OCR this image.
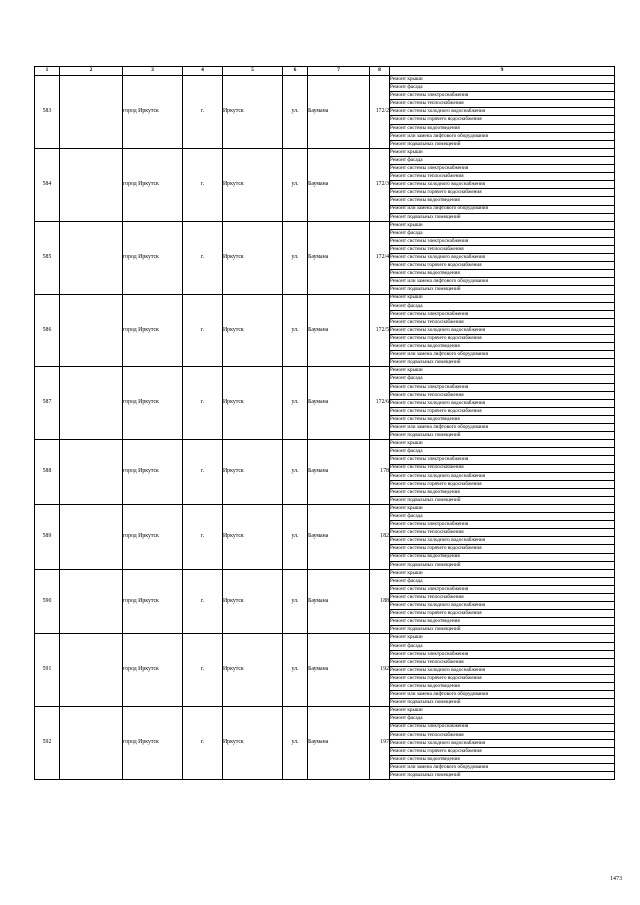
1	2	3	4	5	6	7	8	9
583		город Иркутск	г.	Иркутск	ул.	Баумана	172/2	Ремонт крыши
								Ремонт фасада
								Ремонт системы электроснабжения
								Ремонт системы теплоснабжения
								Ремонт системы холодного водоснабжения
								Ремонт системы горячего водоснабжения
								Ремонт системы водоотведения
								Ремонт или замена лифтового оборудования
								Ремонт подвальных помещений
584		город Иркутск	г.	Иркутск	ул.	Баумана	172/3	Ремонт крыши
								Ремонт фасада
								Ремонт системы электроснабжения
								Ремонт системы теплоснабжения
								Ремонт системы холодного водоснабжения
								Ремонт системы горячего водоснабжения
								Ремонт системы водоотведения
								Ремонт или замена лифтового оборудования
								Ремонт подвальных помещений
585		город Иркутск	г.	Иркутск	ул.	Баумана	172/4	Ремонт крыши
								Ремонт фасада
								Ремонт системы электроснабжения
								Ремонт системы теплоснабжения
								Ремонт системы холодного водоснабжения
								Ремонт системы горячего водоснабжения
								Ремонт системы водоотведения
								Ремонт или замена лифтового оборудования
								Ремонт подвальных помещений
586		город Иркутск	г.	Иркутск	ул.	Баумана	172/5	Ремонт крыши
								Ремонт фасада
								Ремонт системы электроснабжения
								Ремонт системы теплоснабжения
								Ремонт системы холодного водоснабжения
								Ремонт системы горячего водоснабжения
								Ремонт системы водоотведения
								Ремонт или замена лифтового оборудования
								Ремонт подвальных помещений
587		город Иркутск	г.	Иркутск	ул.	Баумана	172/6	Ремонт крыши
								Ремонт фасада
								Ремонт системы электроснабжения
								Ремонт системы теплоснабжения
								Ремонт системы холодного водоснабжения
								Ремонт системы горячего водоснабжения
								Ремонт системы водоотведения
								Ремонт или замена лифтового оборудования
								Ремонт подвальных помещений
588		город Иркутск	г.	Иркутск	ул.	Баумана	178	Ремонт крыши
								Ремонт фасада
								Ремонт системы электроснабжения
								Ремонт системы теплоснабжения
								Ремонт системы холодного водоснабжения
								Ремонт системы горячего водоснабжения
								Ремонт системы водоотведения
								Ремонт подвальных помещений
589		город Иркутск	г.	Иркутск	ул.	Баумана	182	Ремонт крыши
								Ремонт фасада
								Ремонт системы электроснабжения
								Ремонт системы теплоснабжения
								Ремонт системы холодного водоснабжения
								Ремонт системы горячего водоснабжения
								Ремонт системы водоотведения
								Ремонт подвальных помещений
590		город Иркутск	г.	Иркутск	ул.	Баумана	188	Ремонт крыши
								Ремонт фасада
								Ремонт системы электроснабжения
								Ремонт системы теплоснабжения
								Ремонт системы холодного водоснабжения
								Ремонт системы горячего водоснабжения
								Ремонт системы водоотведения
								Ремонт подвальных помещений
591		город Иркутск	г.	Иркутск	ул.	Баумана	192	Ремонт крыши
								Ремонт фасада
								Ремонт системы электроснабжения
								Ремонт системы теплоснабжения
								Ремонт системы холодного водоснабжения
								Ремонт системы горячего водоснабжения
								Ремонт системы водоотведения
								Ремонт или замена лифтового оборудования
								Ремонт подвальных помещений
592		город Иркутск	г.	Иркутск	ул.	Баумана	197	Ремонт крыши
								Ремонт фасада
								Ремонт системы электроснабжения
								Ремонт системы теплоснабжения
								Ремонт системы холодного водоснабжения
								Ремонт системы горячего водоснабжения
								Ремонт системы водоотведения
								Ремонт или замена лифтового оборудования
								Ремонт подвальных помещений
1473
